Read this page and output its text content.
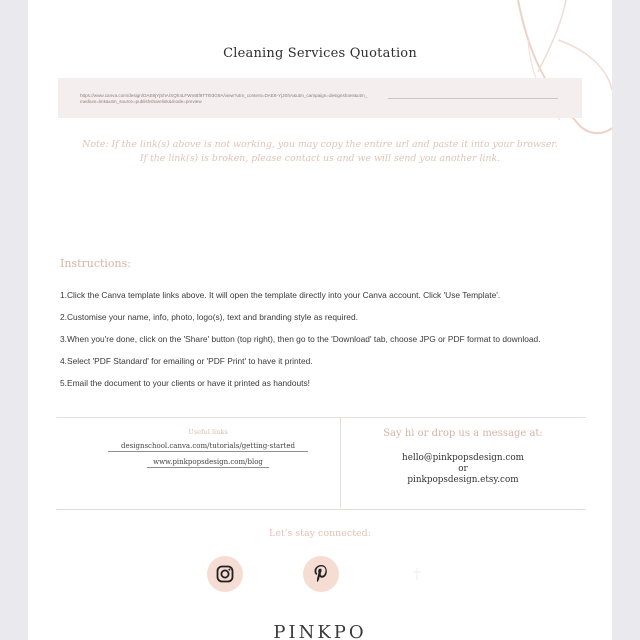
Cleaning Services Quotation
https://www.canva.com/design/DAE8jYjShA/SQh4LFWmBf9TTt93G9A/view?utm_content=DAE8-YjJShA&utm_campaign=designshare&utm_medium=link&utm_source=publishsharelink&mode=preview
Note: If the link(s) above is not working, you may copy the entire url and paste it into your browser.
If the link(s) is broken, please contact us and we will send you another link.
Instructions:
1.Click the Canva template links above. It will open the template directly into your Canva account. Click 'Use Template'.
2.Customise your name, info, photo, logo(s), text and branding style as required.
3.When you're done, click on the 'Share' button (top right), then go to the 'Download' tab, choose JPG or PDF format to download.
4.Select 'PDF Standard' for emailing or 'PDF Print' to have it printed.
5.Email the document to your clients or have it printed as handouts!
Useful links
designschool.canva.com/tutorials/getting-started
www.pinkpopsdesign.com/blog
Say hi or drop us a message at:
hello@pinkpopsdesign.com
or
pinkpopsdesign.etsy.com
Let's stay connected:
PINKPO
